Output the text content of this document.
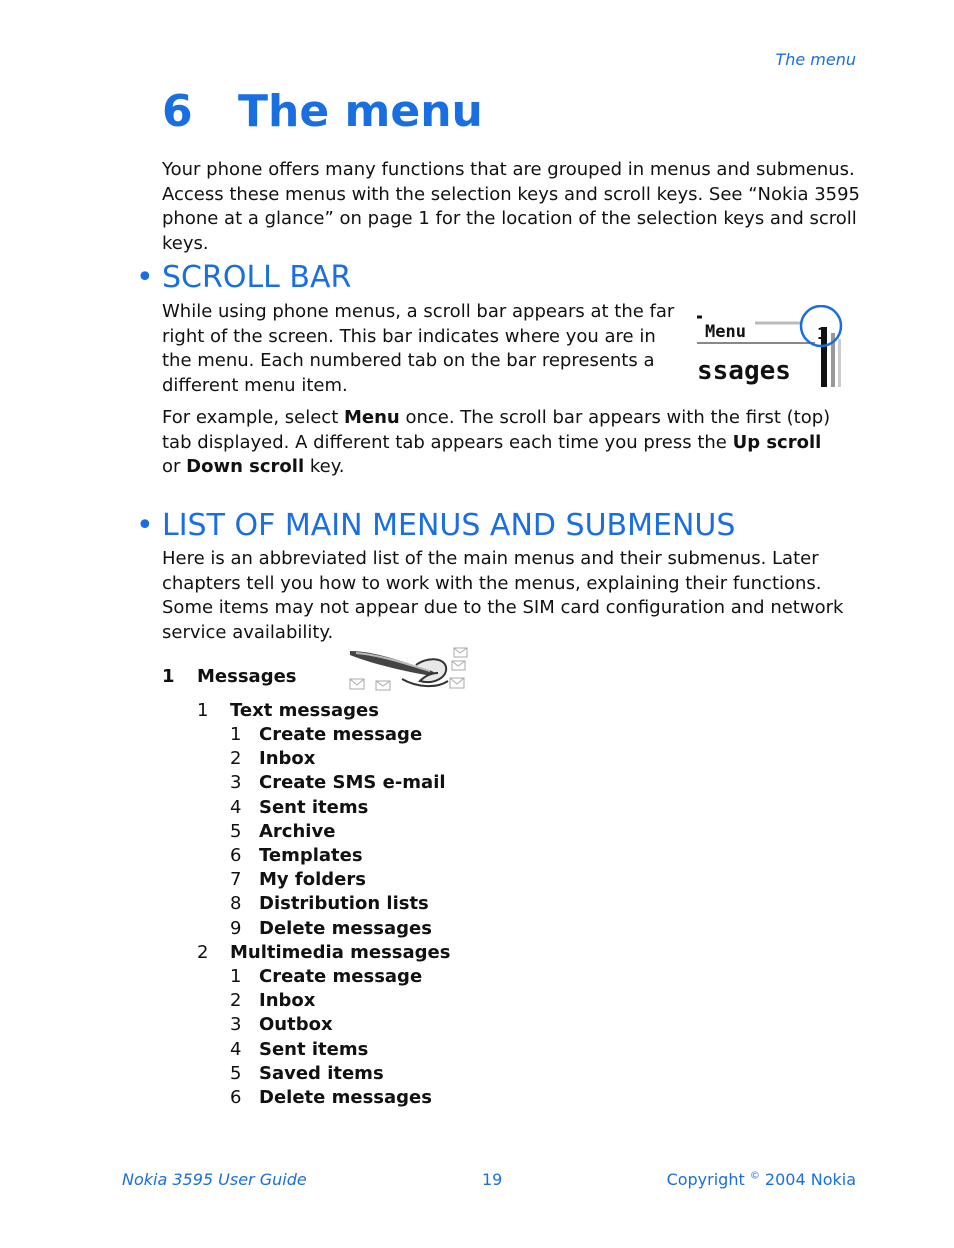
The menu
6 The menu

Your phone offers many functions that are grouped in menus and submenus. Access these menus with the selection keys and scroll keys. See “Nokia 3595 phone at a glance” on page 1 for the location of the selection keys and scroll keys.

• SCROLL BAR

While using phone menus, a scroll bar appears at the far right of the screen. This bar indicates where you are in the menu. Each numbered tab on the bar represents a different menu item.

Menu	1
ssages

For example, select Menu once. The scroll bar appears with the first (top) tab displayed. A different tab appears each time you press the Up scroll or Down scroll key.

• LIST OF MAIN MENUS AND SUBMENUS

Here is an abbreviated list of the main menus and their submenus. Later chapters tell you how to work with the menus, explaining their functions. Some items may not appear due to the SIM card configuration and network service availability.

1 Messages
1 Text messages
1 Create message
2 Inbox
3 Create SMS e-mail
4 Sent items
5 Archive
6 Templates
7 My folders
8 Distribution lists
9 Delete messages
2 Multimedia messages
1 Create message
2 Inbox
3 Outbox
4 Sent items
5 Saved items
6 Delete messages
Nokia 3595 User Guide	19	Copyright © 2004 Nokia
